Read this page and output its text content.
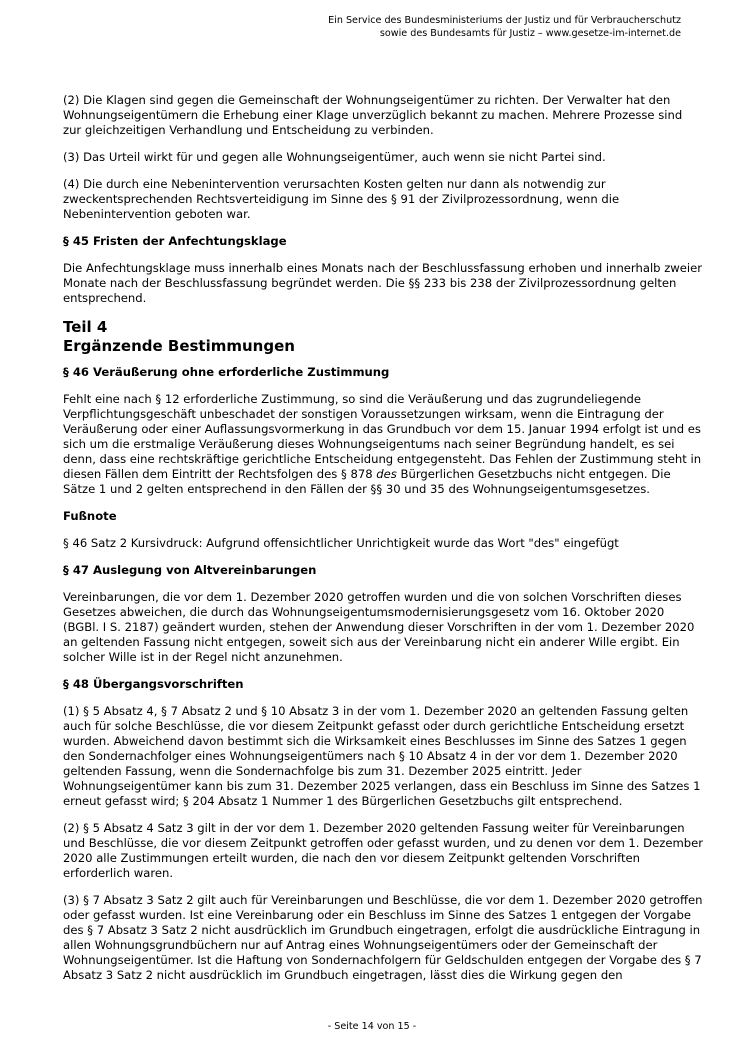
Ein Service des Bundesministeriums der Justiz und für Verbraucherschutz
sowie des Bundesamts für Justiz – www.gesetze-im-internet.de

(2) Die Klagen sind gegen die Gemeinschaft der Wohnungseigentümer zu richten. Der Verwalter hat den Wohnungseigentümern die Erhebung einer Klage unverzüglich bekannt zu machen. Mehrere Prozesse sind zur gleichzeitigen Verhandlung und Entscheidung zu verbinden.

(3) Das Urteil wirkt für und gegen alle Wohnungseigentümer, auch wenn sie nicht Partei sind.

(4) Die durch eine Nebenintervention verursachten Kosten gelten nur dann als notwendig zur zweckentsprechenden Rechtsverteidigung im Sinne des § 91 der Zivilprozessordnung, wenn die Nebenintervention geboten war.

§ 45 Fristen der Anfechtungsklage

Die Anfechtungsklage muss innerhalb eines Monats nach der Beschlussfassung erhoben und innerhalb zweier Monate nach der Beschlussfassung begründet werden. Die §§ 233 bis 238 der Zivilprozessordnung gelten entsprechend.

Teil 4
Ergänzende Bestimmungen
§ 46 Veräußerung ohne erforderliche Zustimmung

Fehlt eine nach § 12 erforderliche Zustimmung, so sind die Veräußerung und das zugrundeliegende Verpflichtungsgeschäft unbeschadet der sonstigen Voraussetzungen wirksam, wenn die Eintragung der Veräußerung oder einer Auflassungsvormerkung in das Grundbuch vor dem 15. Januar 1994 erfolgt ist und es sich um die erstmalige Veräußerung dieses Wohnungseigentums nach seiner Begründung handelt, es sei denn, dass eine rechtskräftige gerichtliche Entscheidung entgegensteht. Das Fehlen der Zustimmung steht in diesen Fällen dem Eintritt der Rechtsfolgen des § 878 des Bürgerlichen Gesetzbuchs nicht entgegen. Die Sätze 1 und 2 gelten entsprechend in den Fällen der §§ 30 und 35 des Wohnungseigentumsgesetzes.

Fußnote

§ 46 Satz 2 Kursivdruck: Aufgrund offensichtlicher Unrichtigkeit wurde das Wort "des" eingefügt

§ 47 Auslegung von Altvereinbarungen

Vereinbarungen, die vor dem 1. Dezember 2020 getroffen wurden und die von solchen Vorschriften dieses Gesetzes abweichen, die durch das Wohnungseigentumsmodernisierungsgesetz vom 16. Oktober 2020 (BGBl. I S. 2187) geändert wurden, stehen der Anwendung dieser Vorschriften in der vom 1. Dezember 2020 an geltenden Fassung nicht entgegen, soweit sich aus der Vereinbarung nicht ein anderer Wille ergibt. Ein solcher Wille ist in der Regel nicht anzunehmen.

§ 48 Übergangsvorschriften

(1) § 5 Absatz 4, § 7 Absatz 2 und § 10 Absatz 3 in der vom 1. Dezember 2020 an geltenden Fassung gelten auch für solche Beschlüsse, die vor diesem Zeitpunkt gefasst oder durch gerichtliche Entscheidung ersetzt wurden. Abweichend davon bestimmt sich die Wirksamkeit eines Beschlusses im Sinne des Satzes 1 gegen den Sondernachfolger eines Wohnungseigentümers nach § 10 Absatz 4 in der vor dem 1. Dezember 2020 geltenden Fassung, wenn die Sondernachfolge bis zum 31. Dezember 2025 eintritt. Jeder Wohnungseigentümer kann bis zum 31. Dezember 2025 verlangen, dass ein Beschluss im Sinne des Satzes 1 erneut gefasst wird; § 204 Absatz 1 Nummer 1 des Bürgerlichen Gesetzbuchs gilt entsprechend.

(2) § 5 Absatz 4 Satz 3 gilt in der vor dem 1. Dezember 2020 geltenden Fassung weiter für Vereinbarungen und Beschlüsse, die vor diesem Zeitpunkt getroffen oder gefasst wurden, und zu denen vor dem 1. Dezember 2020 alle Zustimmungen erteilt wurden, die nach den vor diesem Zeitpunkt geltenden Vorschriften erforderlich waren.

(3) § 7 Absatz 3 Satz 2 gilt auch für Vereinbarungen und Beschlüsse, die vor dem 1. Dezember 2020 getroffen oder gefasst wurden. Ist eine Vereinbarung oder ein Beschluss im Sinne des Satzes 1 entgegen der Vorgabe des § 7 Absatz 3 Satz 2 nicht ausdrücklich im Grundbuch eingetragen, erfolgt die ausdrückliche Eintragung in allen Wohnungsgrundbüchern nur auf Antrag eines Wohnungseigentümers oder der Gemeinschaft der Wohnungseigentümer. Ist die Haftung von Sondernachfolgern für Geldschulden entgegen der Vorgabe des § 7 Absatz 3 Satz 2 nicht ausdrücklich im Grundbuch eingetragen, lässt dies die Wirkung gegen den

- Seite 14 von 15 -
